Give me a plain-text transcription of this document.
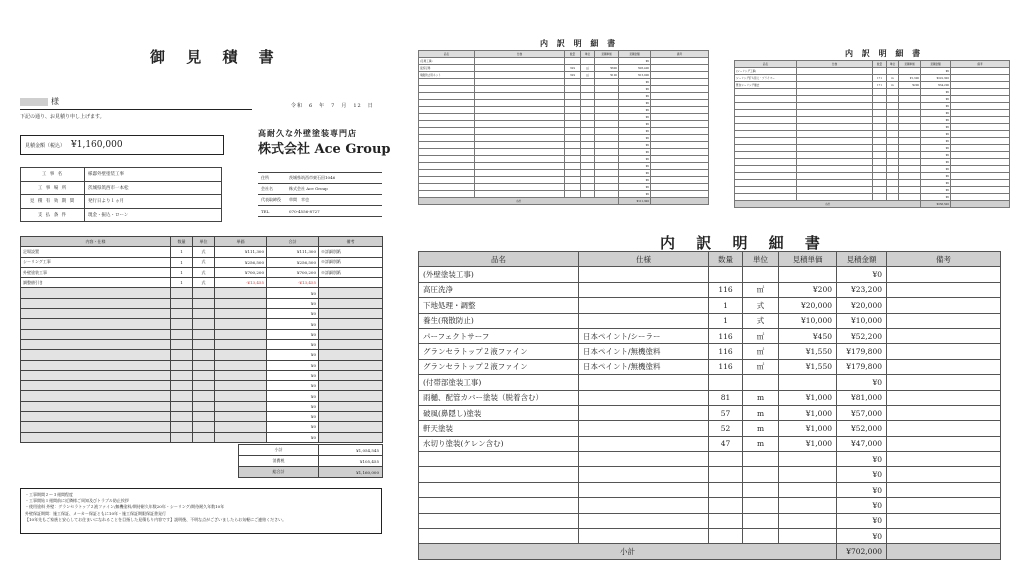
御 見 積 書
様
下記の通り、お見積り申し上げます。
令和　6　年　7　月　12　日
見積金額（税込） ¥1,160,000
高耐久な外壁塗装専門店
株式会社 Ace Group
工 事 名	様邸外壁塗装工事
工 事 場 所	茨城県筑西市一本松
見 積 有 効 期 間	発行日より１ヵ月
支 払 条 件	現金・振込・ローン
住所	茨城県筑西市東石田1046
会社名	株式会社 Ace Group
代表取締役	草間　幸也
TEL	070-4556-8727
内容・仕様	数量	単位	単価	合計	備考
足場設置	1	式	¥111,300	¥111,300	※詳細別紙
シーリング工事	1	式	¥256,500	¥256,500	※詳細別紙
外壁塗装工事	1	式	¥700,200	¥700,200	※詳細別紙
調整値引き	1	式	-¥13,455	-¥13,455	
				¥0	
				¥0	
				¥0	
				¥0	
				¥0	
				¥0	
				¥0	
				¥0	
				¥0	
				¥0	
				¥0	
				¥0	
				¥0	
				¥0	
				¥0	
小計	¥1,054,545
消費税	¥105,455
総合計	¥1,160,000
・工事期間２～３週間程度
・工事開始１週間前に近隣様ご周知及びトラブル防止挨拶
・使用塗料 外壁：グランセラトップ２液ファイン/無機塗料/期待耐久年数20年・シーリング/期待耐久年数10年
外壁保証期間：施工保証、メーカー保証ともに10年・施工保証期限保証書発行
【10年先もご家族と安心してお住まいになれることを目指した見積もり内容です】説明後、不明な点がございましたらお気軽にご連絡ください。
内 訳 明 細 書
品名	仕様	数量	単位	見積単価	見積金額	備考
(足場工事)					¥0	
仮設足場		329	㎡	¥600	¥95,400	
飛散防止用ネット		329	㎡	¥100	¥15,900	
					¥0	
					¥0	
					¥0	
					¥0	
					¥0	
					¥0	
					¥0	
					¥0	
					¥0	
					¥0	
					¥0	
					¥0	
					¥0	
					¥0	
					¥0	
					¥0	
					¥0	
小計					¥111,300	
内 訳 明 細 書
品名	仕様	数量	単位	見積単価	見積金額	備考
(シーリング工事)					¥0	
シーリング打ち替え・プライマー		171	m	¥1,300	¥222,300	
既存シーリング撤去		171	m	¥200	¥34,200	
					¥0	
					¥0	
					¥0	
					¥0	
					¥0	
					¥0	
					¥0	
					¥0	
					¥0	
					¥0	
					¥0	
					¥0	
					¥0	
					¥0	
					¥0	
					¥0	
小計					¥256,500	
内 訳 明 細 書
品名	仕様	数量	単位	見積単価	見積金額	備考
(外壁塗装工事)					¥0	
高圧洗浄		116	㎡	¥200	¥23,200	
下地処理・調整		1	式	¥20,000	¥20,000	
養生(飛散防止)		1	式	¥10,000	¥10,000	
パーフェクトサーフ	日本ペイント/シーラー	116	㎡	¥450	¥52,200	
グランセラトップ２液ファイン	日本ペイント/無機塗料	116	㎡	¥1,550	¥179,800	
グランセラトップ２液ファイン	日本ペイント/無機塗料	116	㎡	¥1,550	¥179,800	
(付帯部塗装工事)					¥0	
雨樋、配管カバー塗装（脱着含む）		81	m	¥1,000	¥81,000	
破風(鼻隠し)塗装		57	m	¥1,000	¥57,000	
軒天塗装		52	m	¥1,000	¥52,000	
水切り塗装(ケレン含む)		47	m	¥1,000	¥47,000	
					¥0	
					¥0	
					¥0	
					¥0	
					¥0	
					¥0	
小計					¥702,000	
